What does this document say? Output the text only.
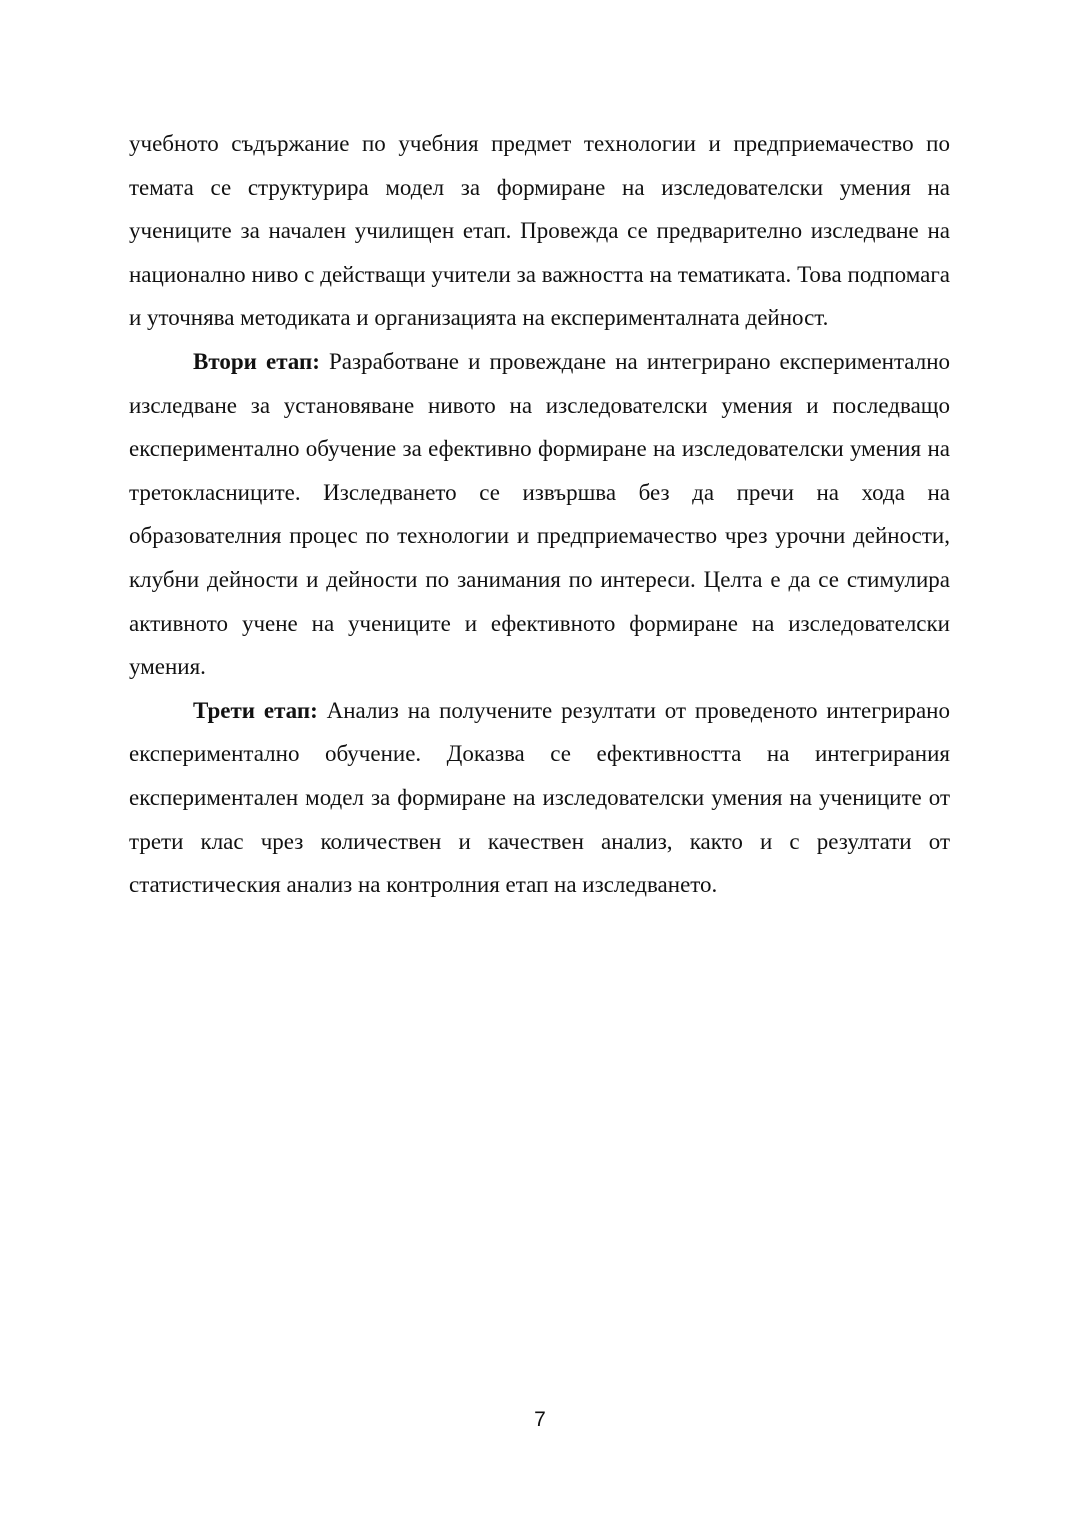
учебното съдържание по учебния предмет технологии и предприемачество по темата се структурира модел за формиране на изследователски умения на учениците за начален училищен етап. Провежда се предварително изследване на национално ниво с действащи учители за важността на тематиката. Това подпомага и уточнява методиката и организацията на експерименталната дейност.

Втори етап: Разработване и провеждане на интегрирано експериментално изследване за установяване нивото на изследователски умения и последващо експериментално обучение за ефективно формиране на изследователски умения на третокласниците. Изследването се извършва без да пречи на хода на образователния процес по технологии и предприемачество чрез урочни дейности, клубни дейности и дейности по занимания по интереси. Целта е да се стимулира активното учене на учениците и ефективното формиране на изследователски умения.

Трети етап: Анализ на получените резултати от проведеното интегрирано експериментално обучение. Доказва се ефективността на интегрирания експериментален модел за формиране на изследователски умения на учениците от трети клас чрез количествен и качествен анализ, както и с резултати от статистическия анализ на контролния етап на изследването.

7
